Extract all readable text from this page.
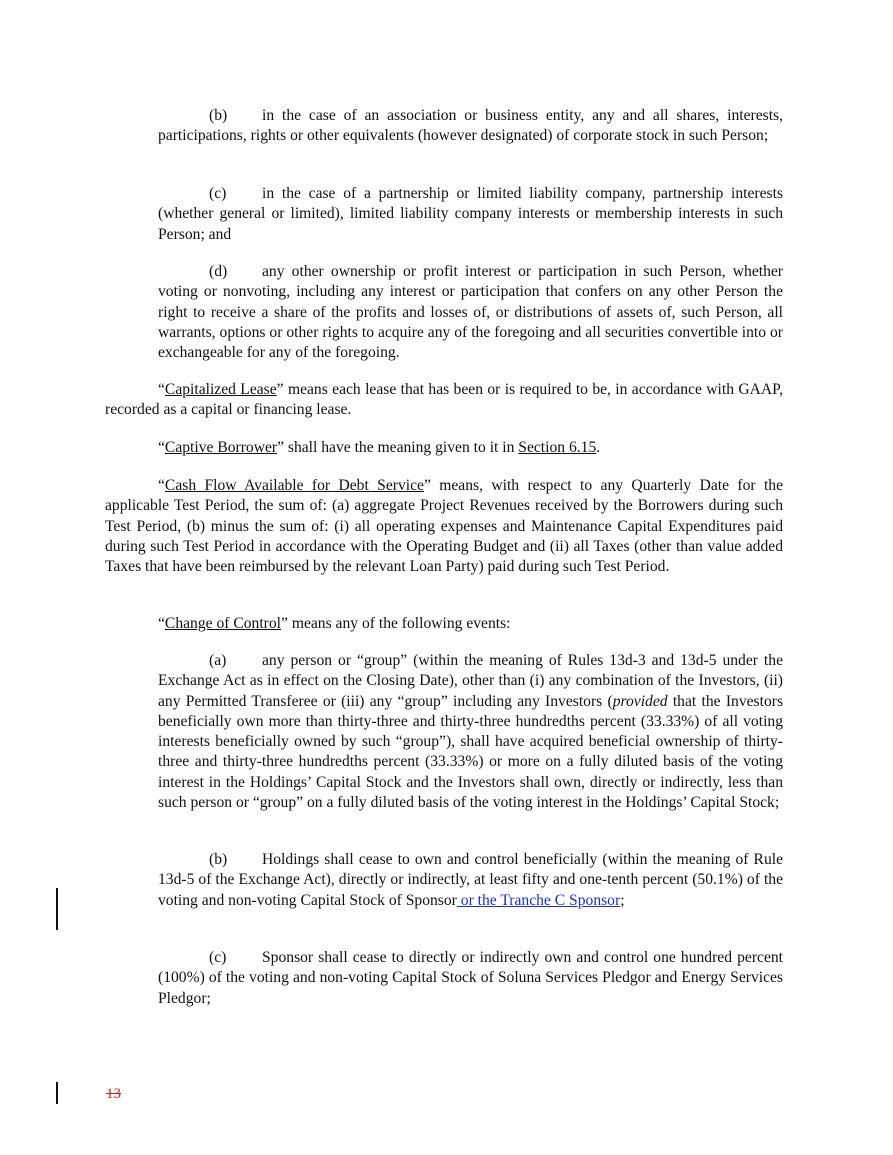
(b) in the case of an association or business entity, any and all shares, interests, participations, rights or other equivalents (however designated) of corporate stock in such Person;

(c) in the case of a partnership or limited liability company, partnership interests (whether general or limited), limited liability company interests or membership interests in such Person; and

(d) any other ownership or profit interest or participation in such Person, whether voting or nonvoting, including any interest or participation that confers on any other Person the right to receive a share of the profits and losses of, or distributions of assets of, such Person, all warrants, options or other rights to acquire any of the foregoing and all securities convertible into or exchangeable for any of the foregoing.

“Capitalized Lease” means each lease that has been or is required to be, in accordance with GAAP, recorded as a capital or financing lease.

“Captive Borrower” shall have the meaning given to it in Section 6.15.

“Cash Flow Available for Debt Service” means, with respect to any Quarterly Date for the applicable Test Period, the sum of: (a) aggregate Project Revenues received by the Borrowers during such Test Period, (b) minus the sum of: (i) all operating expenses and Maintenance Capital Expenditures paid during such Test Period in accordance with the Operating Budget and (ii) all Taxes (other than value added Taxes that have been reimbursed by the relevant Loan Party) paid during such Test Period.

“Change of Control” means any of the following events:

(a) any person or “group” (within the meaning of Rules 13d-3 and 13d-5 under the Exchange Act as in effect on the Closing Date), other than (i) any combination of the Investors, (ii) any Permitted Transferee or (iii) any “group” including any Investors (provided that the Investors beneficially own more than thirty-three and thirty-three hundredths percent (33.33%) of all voting interests beneficially owned by such “group”), shall have acquired beneficial ownership of thirty-three and thirty-three hundredths percent (33.33%) or more on a fully diluted basis of the voting interest in the Holdings’ Capital Stock and the Investors shall own, directly or indirectly, less than such person or “group” on a fully diluted basis of the voting interest in the Holdings’ Capital Stock;

(b) Holdings shall cease to own and control beneficially (within the meaning of Rule 13d-5 of the Exchange Act), directly or indirectly, at least fifty and one-tenth percent (50.1%) of the voting and non-voting Capital Stock of Sponsor or the Tranche C Sponsor;

(c) Sponsor shall cease to directly or indirectly own and control one hundred percent (100%) of the voting and non-voting Capital Stock of Soluna Services Pledgor and Energy Services Pledgor;

13
